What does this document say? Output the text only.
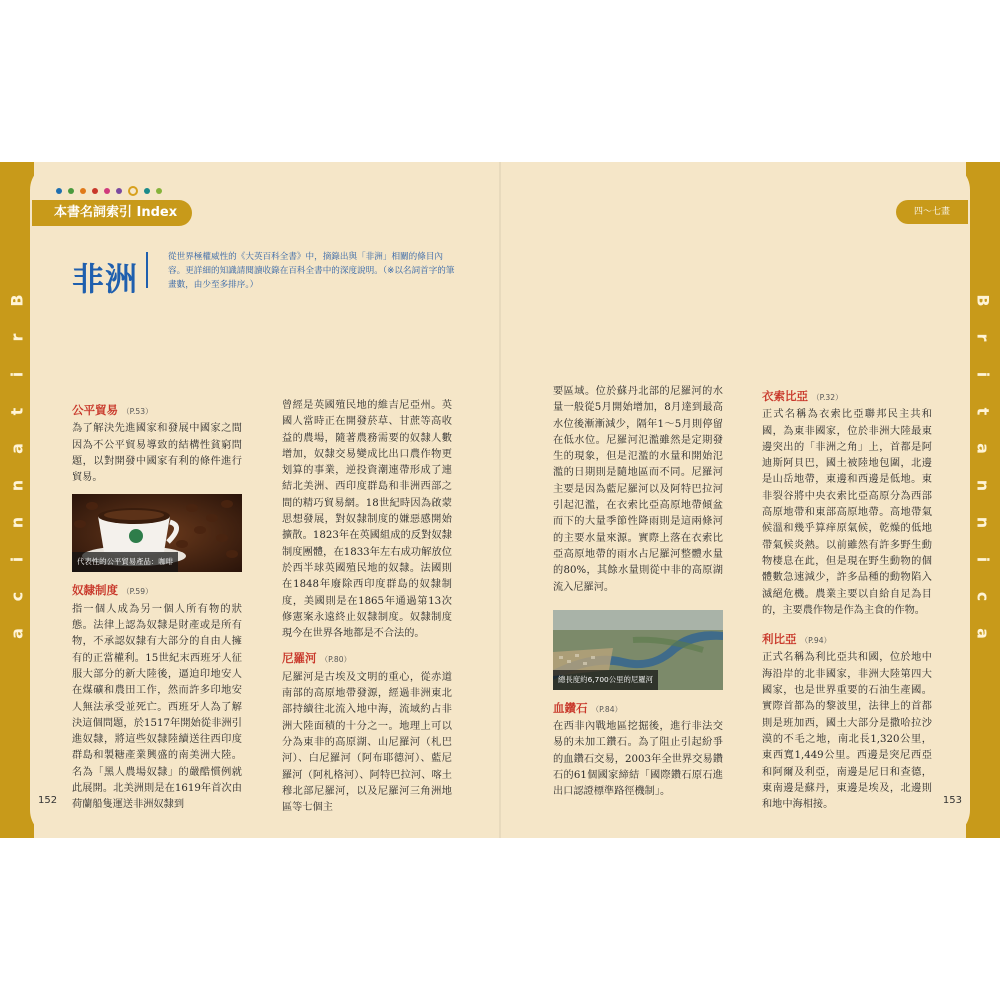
B
r
i
t
a
n
n
i
c
a
B
r
i
t
a
n
n
i
c
a
本書名詞索引 Index	四～七畫
非洲
從世界極權威性的《大英百科全書》中，摘錄出與「非洲」相關的條目內容。更詳細的知識請閱讀收錄在百科全書中的深度說明。（※以名詞首字的筆畫數，由少至多排序。）
公平貿易 （P.53）

為了解決先進國家和發展中國家之間因為不公平貿易導致的結構性貧窮問題，以對開發中國家有利的條件進行貿易。

代表性的公平貿易產品：咖啡
奴隸制度 （P.59）

指一個人成為另一個人所有物的狀態。法律上認為奴隸是財產或是所有物，不承認奴隸有大部分的自由人擁有的正當權利。15世紀末西班牙人征服大部分的新大陸後，逼迫印地安人在煤礦和農田工作，然而許多印地安人無法承受並死亡。西班牙人為了解決這個問題，於1517年開始從非洲引進奴隸，將這些奴隸陸續送往西印度群島和製糖產業興盛的南美洲大陸。名為「黑人農場奴隸」的嚴酷慣例就此展開。北美洲則是在1619年首次由荷蘭船隻運送非洲奴隸到

曾經是英國殖民地的維吉尼亞州。英國人當時正在開發菸草、甘蔗等高收益的農場，隨著農務需要的奴隸人數增加，奴隸交易變成比出口農作物更划算的事業，逆投資潮連帶形成了連結北美洲、西印度群島和非洲西部之間的精巧貿易網。18世紀時因為啟蒙思想發展，對奴隸制度的嫌惡感開始擴散。1823年在英國組成的反對奴隸制度團體，在1833年左右成功解放位於西半球英國殖民地的奴隸。法國則在1848年廢除西印度群島的奴隸制度，美國則是在1865年通過第13次修憲案永遠終止奴隸制度。奴隸制度現今在世界各地都是不合法的。

尼羅河 （P.80）

尼羅河是古埃及文明的重心，從赤道南部的高原地帶發源，經過非洲東北部持續往北流入地中海，流域約占非洲大陸面積的十分之一。地理上可以分為東非的高原湖、山尼羅河（札巴河）、白尼羅河（阿布耶德河）、藍尼羅河（阿札格河）、阿特巴拉河、喀土穆北部尼羅河，以及尼羅河三角洲地區等七個主

要區域。位於蘇丹北部的尼羅河的水量一般從5月開始增加，8月達到最高水位後漸漸減少，隔年1～5月則停留在低水位。尼羅河氾濫雖然是定期發生的現象，但是氾濫的水量和開始氾濫的日期則是隨地區而不同。尼羅河主要是因為藍尼羅河以及阿特巴拉河引起氾濫，在衣索比亞高原地帶傾盆而下的大量季節性降雨則是這兩條河的主要水量來源。實際上落在衣索比亞高原地帶的雨水占尼羅河整體水量的80%，其餘水量則從中非的高原湖流入尼羅河。

總長度約6,700公里的尼羅河
血鑽石 （P.84）

在西非內戰地區挖掘後，進行非法交易的未加工鑽石。為了阻止引起紛爭的血鑽石交易，2003年全世界交易鑽石的61個國家締結「國際鑽石原石進出口認證標準路徑機制」。

衣索比亞 （P.32）

正式名稱為衣索比亞聯邦民主共和國，為東非國家，位於非洲大陸最東邊突出的「非洲之角」上，首都是阿迪斯阿貝巴，國土被陸地包圍，北邊是山岳地帶，東邊和西邊是低地。東非裂谷將中央衣索比亞高原分為西部高原地帶和東部高原地帶。高地帶氣候溫和幾乎算痒原氣候，乾燥的低地帶氣候炎熱。以前雖然有許多野生動物棲息在此，但是現在野生動物的個體數急速減少，許多品種的動物陷入滅絕危機。農業主要以自給自足為目的，主要農作物是作為主食的作物。

利比亞 （P.94）

正式名稱為利比亞共和國，位於地中海沿岸的北非國家，非洲大陸第四大國家，也是世界重要的石油生產國。實際首都為的黎波里，法律上的首都則是班加西，國土大部分是撒哈拉沙漠的不毛之地，南北長1,320公里，東西寬1,449公里。西邊是突尼西亞和阿爾及利亞，南邊是尼日和查德，東南邊是蘇丹，東邊是埃及，北邊則和地中海相接。

152	153
